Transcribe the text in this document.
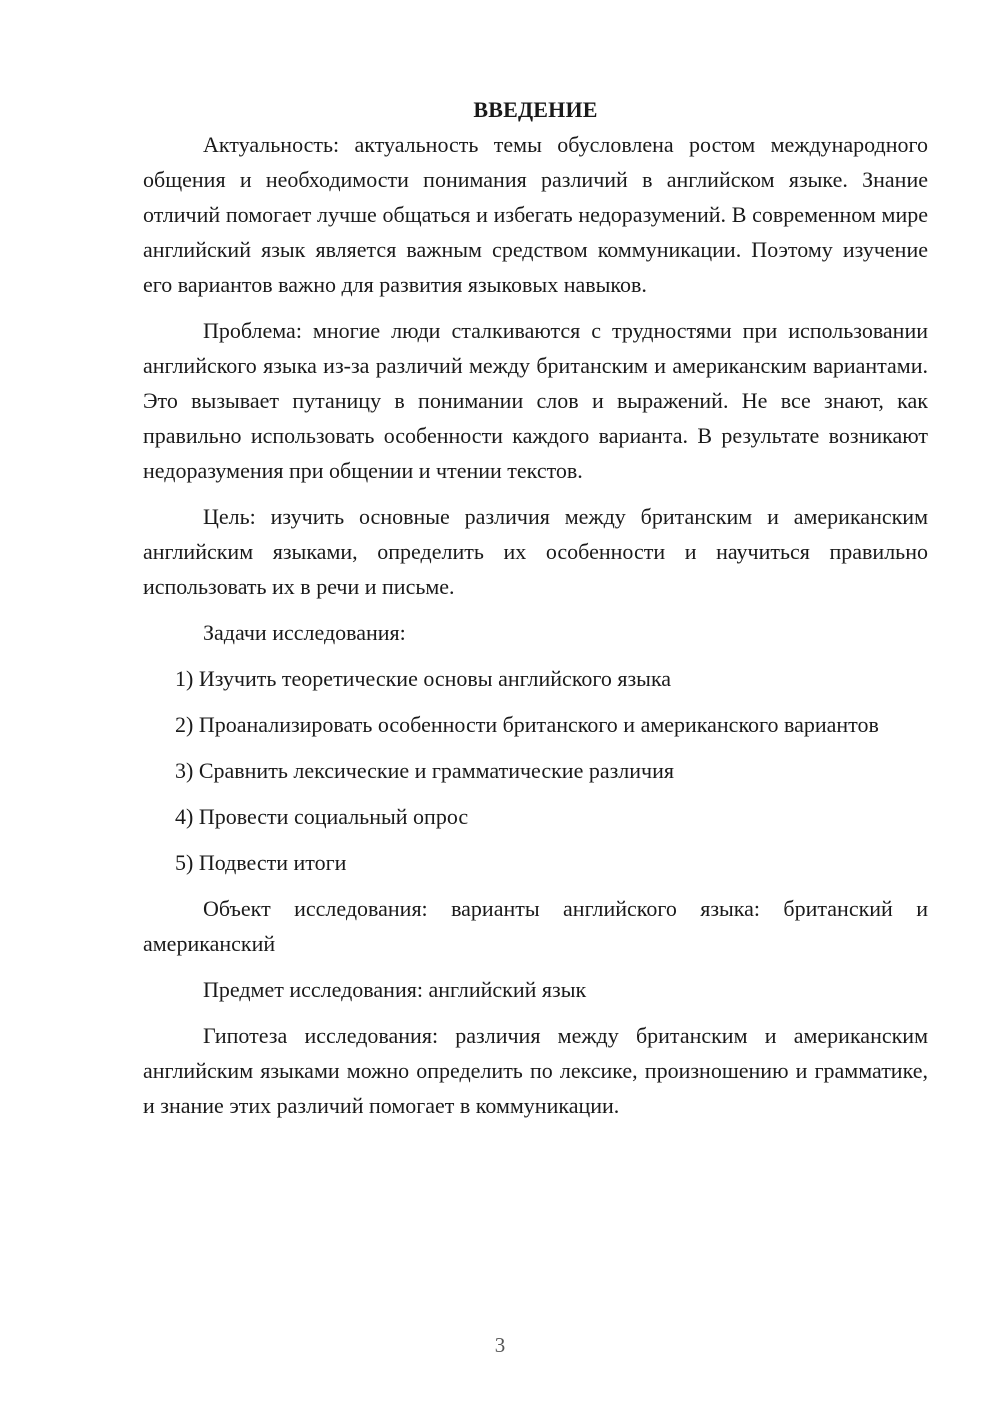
ВВЕДЕНИЕ

Актуальность: актуальность темы обусловлена ростом международного общения и необходимости понимания различий в английском языке. Знание отличий помогает лучше общаться и избегать недоразумений. В современном мире английский язык является важным средством коммуникации. Поэтому изучение его вариантов важно для развития языковых навыков.

Проблема: многие люди сталкиваются с трудностями при использовании английского языка из-за различий между британским и американским вариантами. Это вызывает путаницу в понимании слов и выражений. Не все знают, как правильно использовать особенности каждого варианта. В результате возникают недоразумения при общении и чтении текстов.

Цель: изучить основные различия между британским и американским английским языками, определить их особенности и научиться правильно использовать их в речи и письме.

Задачи исследования:

1) Изучить теоретические основы английского языка

2) Проанализировать особенности британского и американского вариантов

3) Сравнить лексические и грамматические различия

4) Провести социальный опрос

5) Подвести итоги

Объект исследования: варианты английского языка: британский и американский

Предмет исследования: английский язык

Гипотеза исследования: различия между британским и американским английским языками можно определить по лексике, произношению и грамматике, и знание этих различий помогает в коммуникации.

3
